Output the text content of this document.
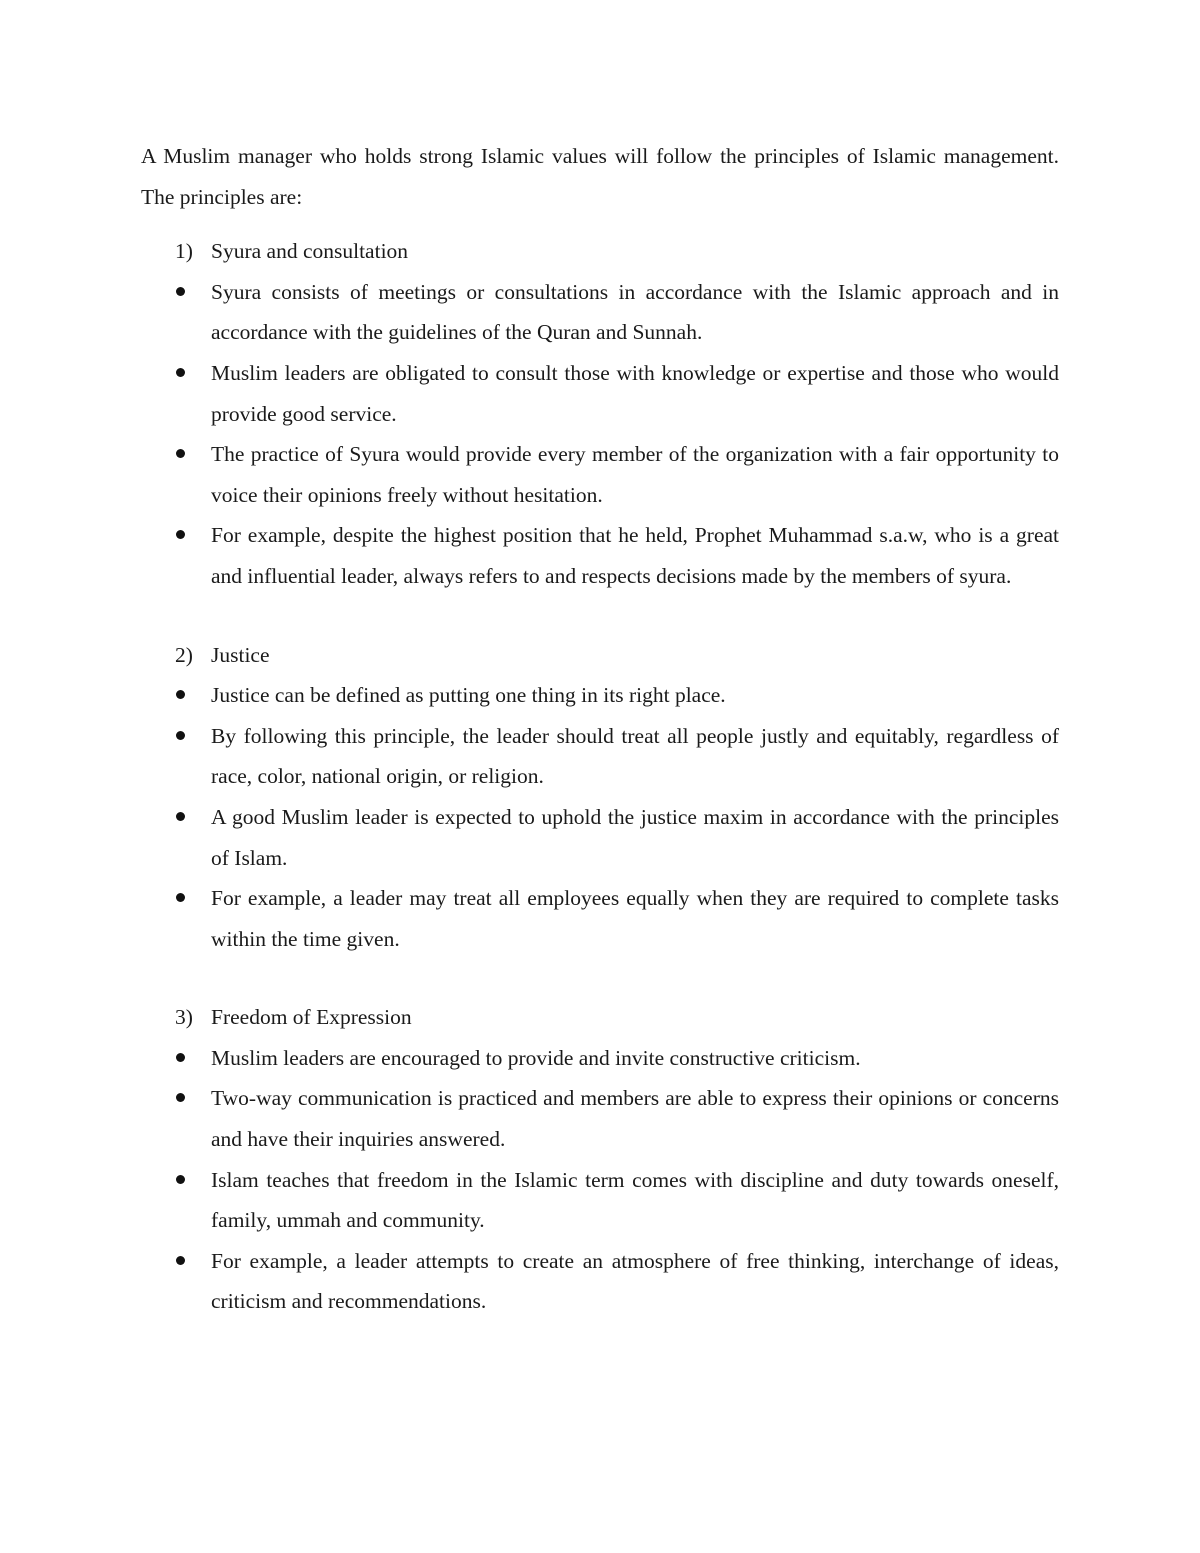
A Muslim manager who holds strong Islamic values will follow the principles of Islamic management. The principles are:

1) Syura and consultation
Syura consists of meetings or consultations in accordance with the Islamic approach and in accordance with the guidelines of the Quran and Sunnah.
Muslim leaders are obligated to consult those with knowledge or expertise and those who would provide good service.
The practice of Syura would provide every member of the organization with a fair opportunity to voice their opinions freely without hesitation.
For example, despite the highest position that he held, Prophet Muhammad s.a.w, who is a great and influential leader, always refers to and respects decisions made by the members of syura.
2) Justice
Justice can be defined as putting one thing in its right place.
By following this principle, the leader should treat all people justly and equitably, regardless of race, color, national origin, or religion.
A good Muslim leader is expected to uphold the justice maxim in accordance with the principles of Islam.
For example, a leader may treat all employees equally when they are required to complete tasks within the time given.
3) Freedom of Expression
Muslim leaders are encouraged to provide and invite constructive criticism.
Two-way communication is practiced and members are able to express their opinions or concerns and have their inquiries answered.
Islam teaches that freedom in the Islamic term comes with discipline and duty towards oneself, family, ummah and community.
For example, a leader attempts to create an atmosphere of free thinking, interchange of ideas, criticism and recommendations.
